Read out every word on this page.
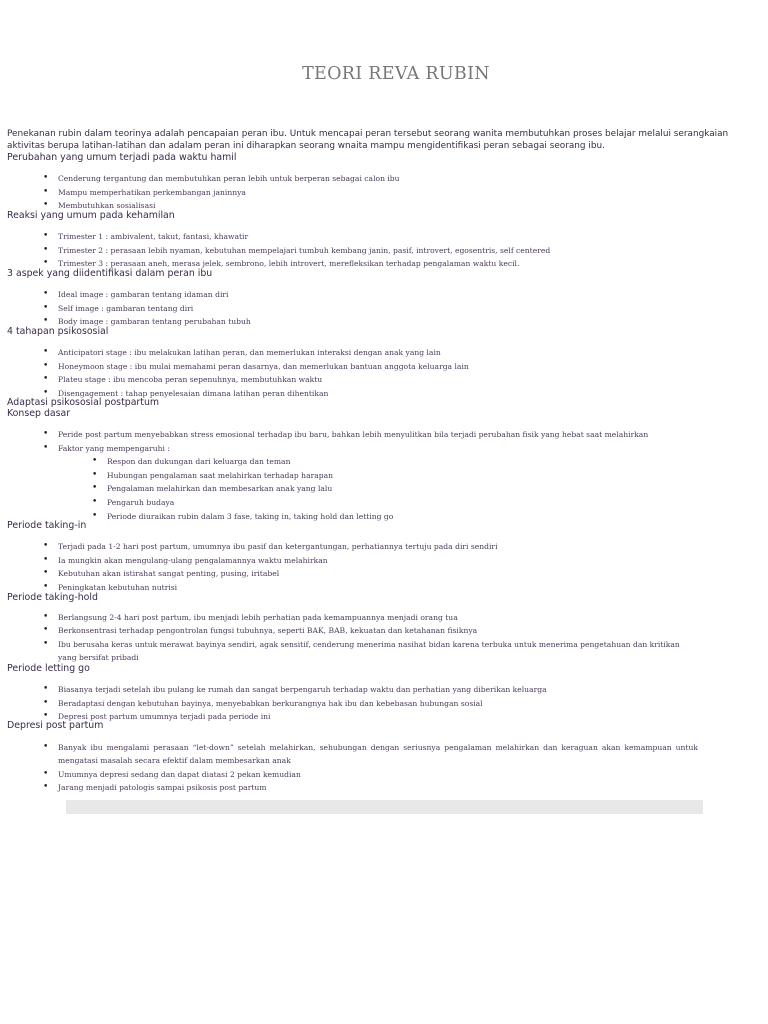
TEORI REVA RUBIN
Penekanan rubin dalam teorinya adalah pencapaian peran ibu. Untuk mencapai peran tersebut seorang wanita membutuhkan proses belajar melalui serangkaian aktivitas berupa latihan-latihan dan adalam peran ini diharapkan seorang wnaita mampu mengidentifikasi peran sebagai seorang ibu.
Perubahan yang umum terjadi pada waktu hamil
• Cenderung tergantung dan membutuhkan peran lebih untuk berperan sebagai calon ibu
• Mampu memperhatikan perkembangan janinnya
• Membutuhkan sosialisasi
Reaksi yang umum pada kehamilan
• Trimester 1 : ambivalent, takut, fantasi, khawatir
• Trimester 2 : perasaan lebih nyaman, kebutuhan mempelajari tumbuh kembang janin, pasif, introvert, egosentris, self centered
• Trimester 3 : perasaan aneh, merasa jelek, sembrono, lebih introvert, merefleksikan terhadap pengalaman waktu kecil.
3 aspek yang diidentifikasi dalam peran ibu
• Ideal image : gambaran tentang idaman diri
• Self image : gambaran tentang diri
• Body image : gambaran tentang perubahan tubuh
4 tahapan psikososial
• Anticipatori stage : ibu melakukan latihan peran, dan memerlukan interaksi dengan anak yang lain
• Honeymoon stage : ibu mulai memahami peran dasarnya, dan memerlukan bantuan anggota keluarga lain
• Plateu stage : ibu mencoba peran sepenuhnya, membutuhkan waktu
• Disengagement : tahap penyelesaian dimana latihan peran dihentikan
Adaptasi psikososial postpartum
Konsep dasar
• Peride post partum menyebabkan stress emosional terhadap ibu baru, bahkan lebih menyulitkan bila terjadi perubahan fisik yang hebat saat melahirkan
• Faktor yang mempengaruhi :
• Respon dan dukungan dari keluarga dan teman
• Hubungan pengalaman saat melahirkan terhadap harapan
• Pengalaman melahirkan dan membesarkan anak yang lalu
• Pengaruh budaya
• Periode diuraikan rubin dalam 3 fase, taking in, taking hold dan letting go
Periode taking-in
• Terjadi pada 1-2 hari post partum, umumnya ibu pasif dan ketergantungan, perhatiannya tertuju pada diri sendiri
• Ia mungkin akan mengulang-ulang pengalamannya waktu melahirkan
• Kebutuhan akan istirahat sangat penting, pusing, iritabel
• Peningkatan kebutuhan nutrisi
Periode taking-hold
• Berlangsung 2-4 hari post partum, ibu menjadi lebih perhatian pada kemampuannya menjadi orang tua
• Berkonsentrasi terhadap pengontrolan fungsi tubuhnya, seperti BAK, BAB, kekuatan dan ketahanan fisiknya
• Ibu berusaha keras untuk merawat bayinya sendiri, agak sensitif, cenderung menerima nasihat bidan karena terbuka untuk menerima pengetahuan dan kritikan yang bersifat pribadi
Periode letting go
• Biasanya terjadi setelah ibu pulang ke rumah dan sangat berpengaruh terhadap waktu dan perhatian yang diberikan keluarga
• Beradaptasi dengan kebutuhan bayinya, menyebabkan berkurangnya hak ibu dan kebebasan hubungan sosial
• Depresi post partum umumnya terjadi pada periode ini
Depresi post partum
• Banyak ibu mengalami perasaan “let-down” setelah melahirkan, sehubungan dengan seriusnya pengalaman melahirkan dan keraguan akan kemampuan untuk mengatasi masalah secara efektif dalam membesarkan anak
• Umumnya depresi sedang dan dapat diatasi 2 pekan kemudian
• Jarang menjadi patologis sampai psikosis post partum
